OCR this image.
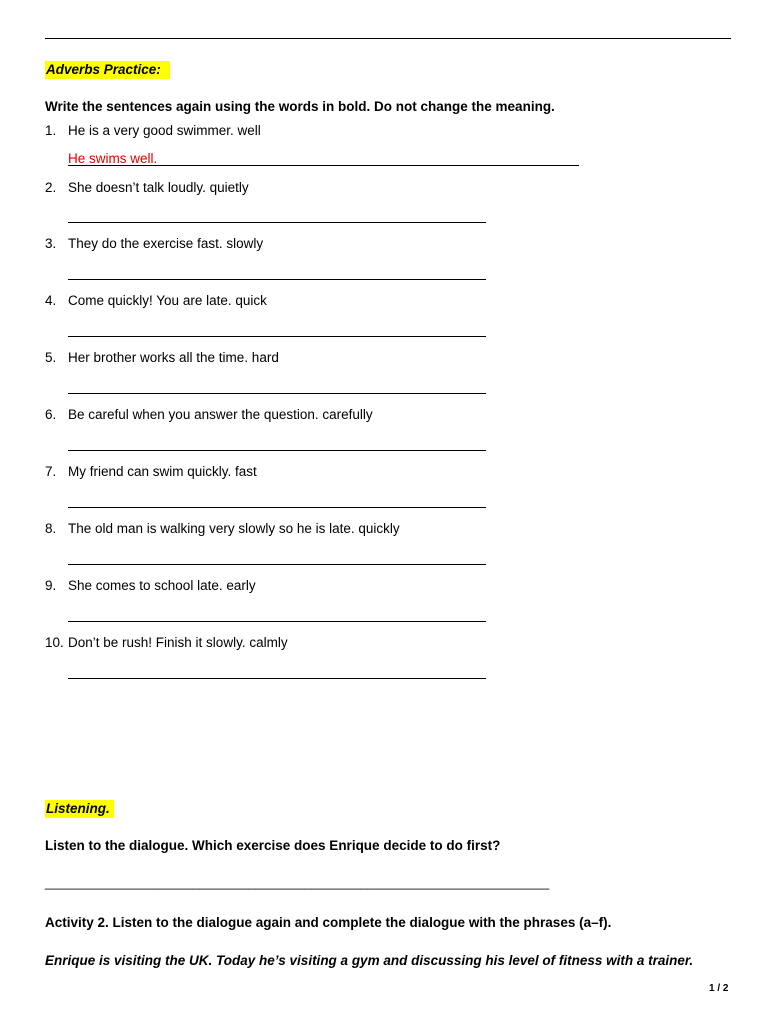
Adverbs Practice:
Write the sentences again using the words in bold. Do not change the meaning.
1. He is a very good swimmer. well
He swims well.
2. She doesn’t talk loudly. quietly
3. They do the exercise fast. slowly
4. Come quickly! You are late. quick
5. Her brother works all the time. hard
6. Be careful when you answer the question. carefully
7. My friend can swim quickly. fast
8. The old man is walking very slowly so he is late. quickly
9. She comes to school late. early
10. Don’t be rush! Finish it slowly. calmly
Listening.
Listen to the dialogue. Which exercise does Enrique decide to do first?
________________________________________________________________________
Activity 2. Listen to the dialogue again and complete the dialogue with the phrases (a–f).
Enrique is visiting the UK. Today he’s visiting a gym and discussing his level of fitness with a trainer.
1 / 2
